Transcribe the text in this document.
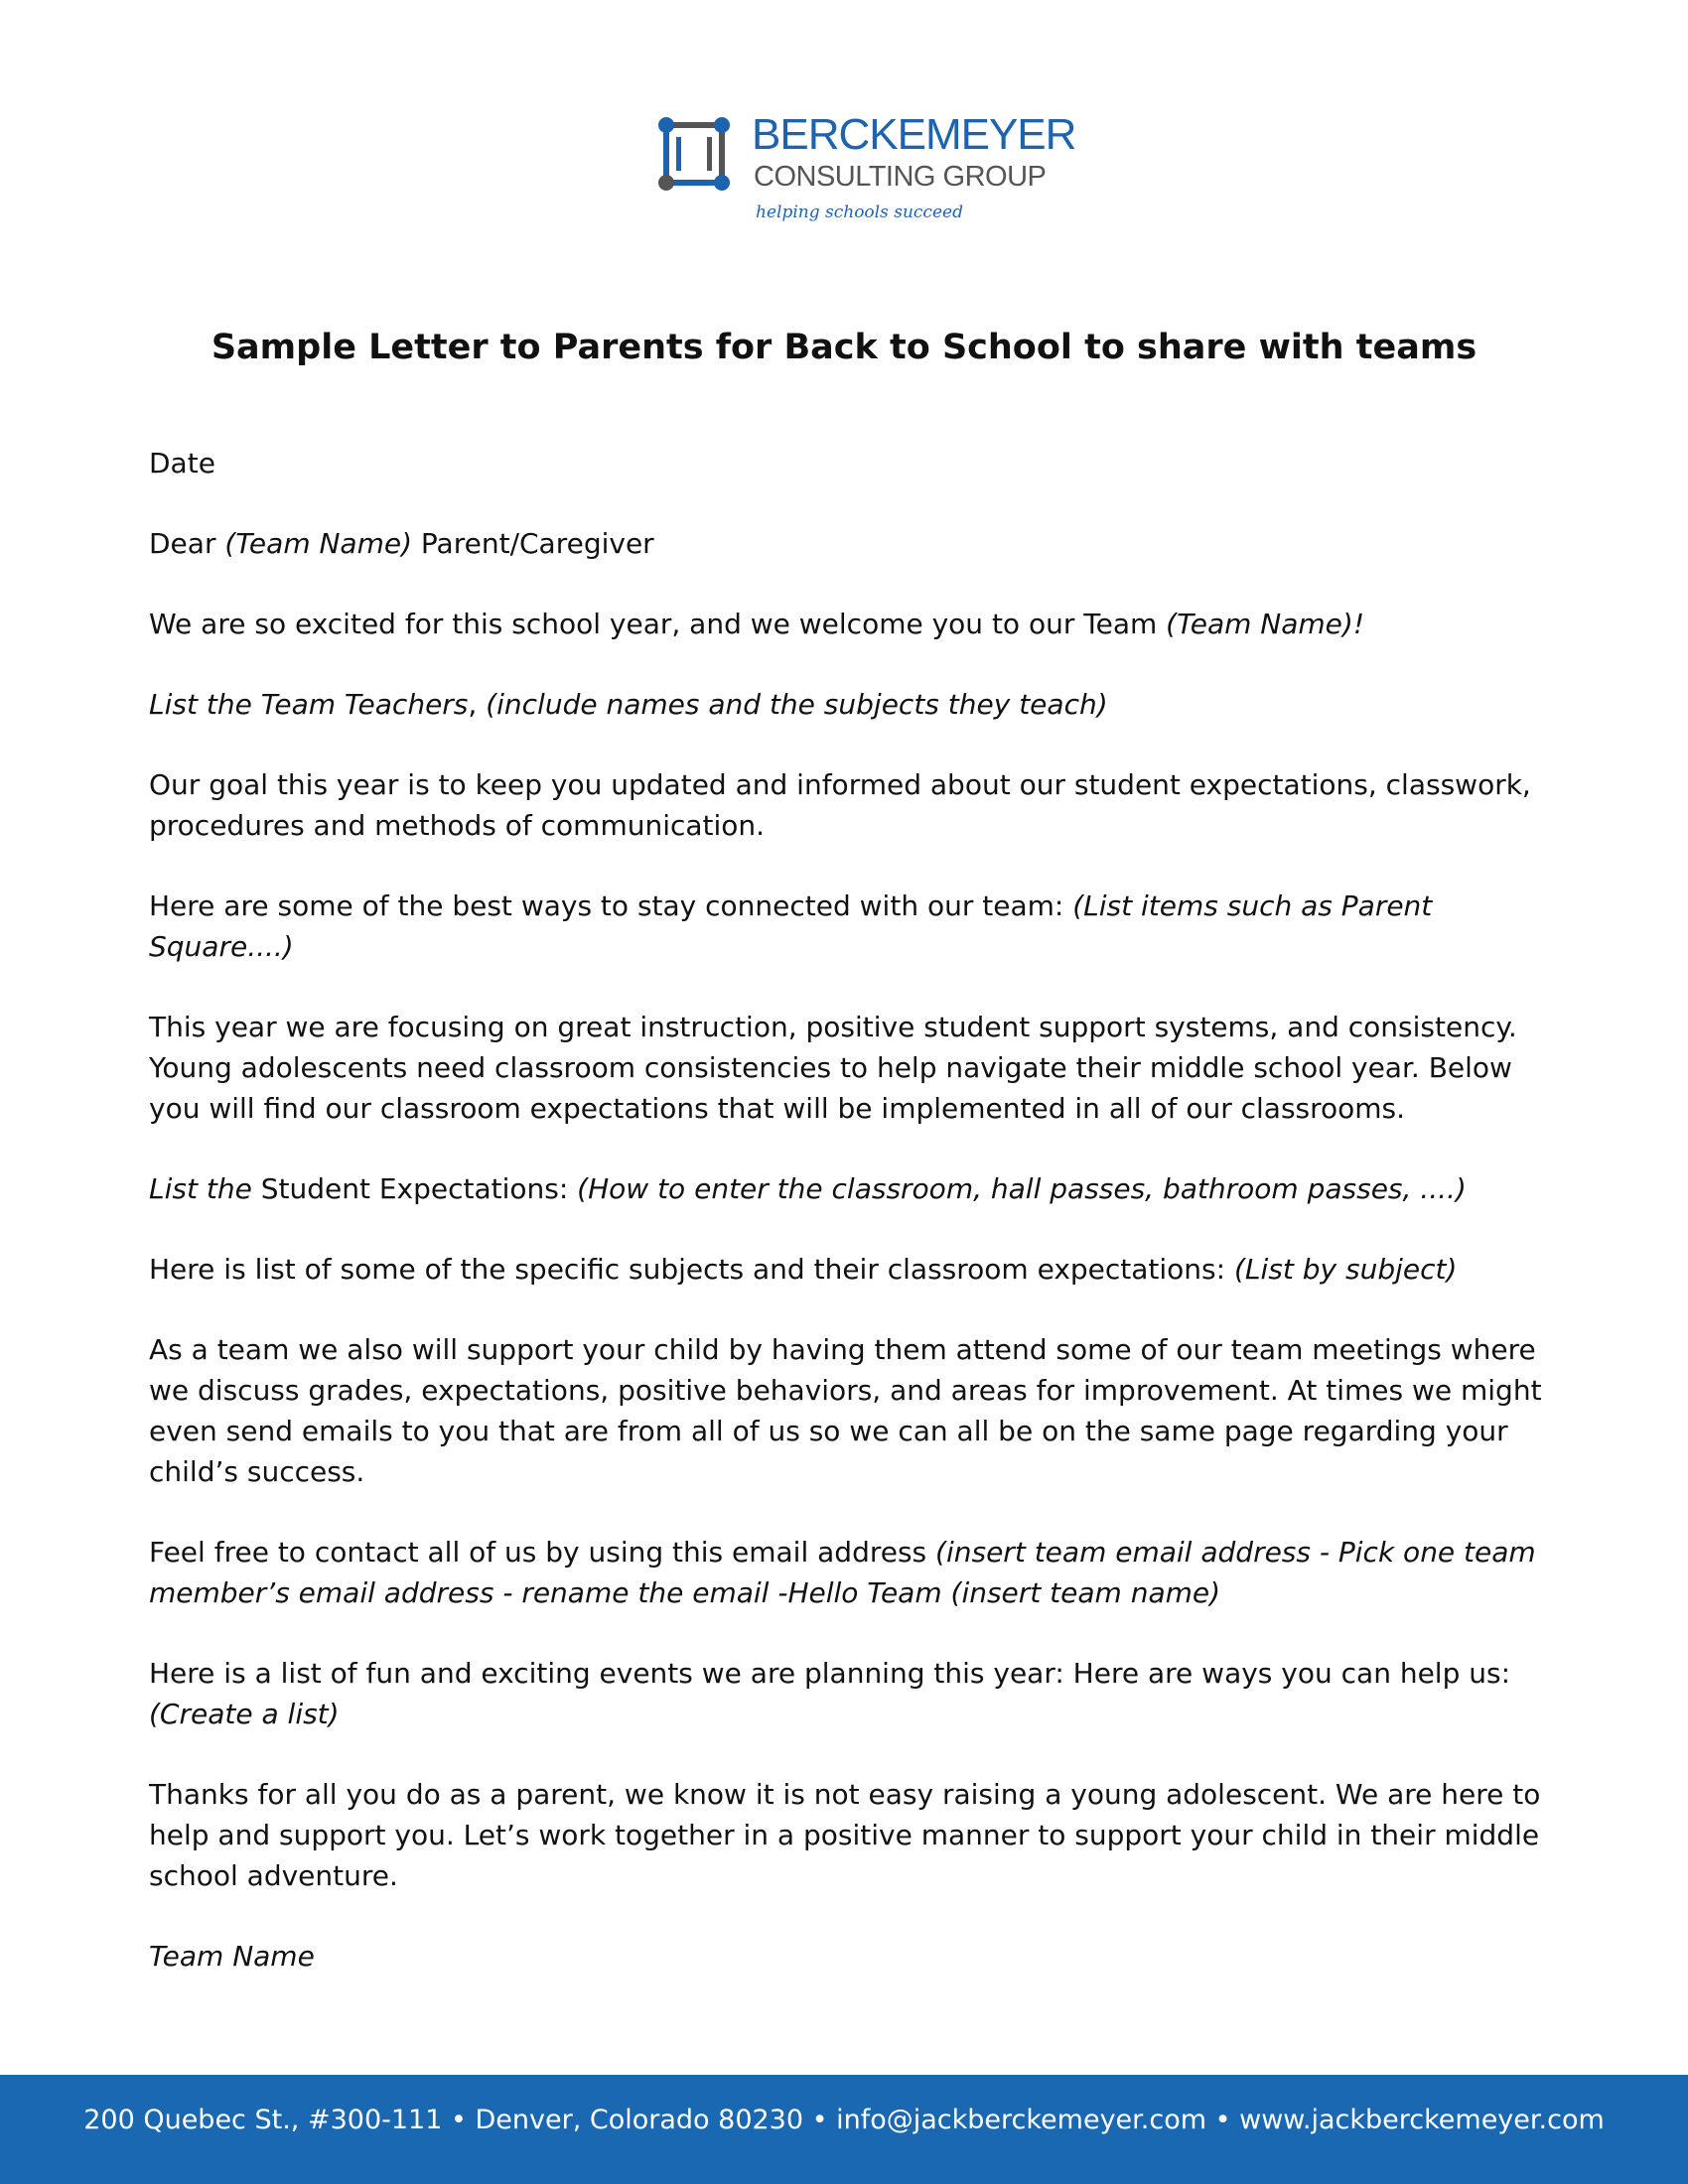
BERCKEMEYER
CONSULTING GROUP
helping schools succeed
Sample Letter to Parents for Back to School to share with teams

Date

Dear (Team Name) Parent/Caregiver

We are so excited for this school year, and we welcome you to our Team (Team Name)!

List the Team Teachers, (include names and the subjects they teach)

Our goal this year is to keep you updated and informed about our student expectations, classwork, procedures and methods of communication.

Here are some of the best ways to stay connected with our team: (List items such as Parent Square....)

This year we are focusing on great instruction, positive student support systems, and consistency. Young adolescents need classroom consistencies to help navigate their middle school year. Below you will find our classroom expectations that will be implemented in all of our classrooms.

List the Student Expectations: (How to enter the classroom, hall passes, bathroom passes, ....)

Here is list of some of the specific subjects and their classroom expectations: (List by subject)

As a team we also will support your child by having them attend some of our team meetings where we discuss grades, expectations, positive behaviors, and areas for improvement. At times we might even send emails to you that are from all of us so we can all be on the same page regarding your child’s success.

Feel free to contact all of us by using this email address (insert team email address - Pick one team member’s email address - rename the email -Hello Team (insert team name)

Here is a list of fun and exciting events we are planning this year: Here are ways you can help us: (Create a list)

Thanks for all you do as a parent, we know it is not easy raising a young adolescent. We are here to help and support you. Let’s work together in a positive manner to support your child in their middle school adventure.

Team Name

200 Quebec St., #300-111 • Denver, Colorado 80230 • info@jackberckemeyer.com • www.jackberckemeyer.com
